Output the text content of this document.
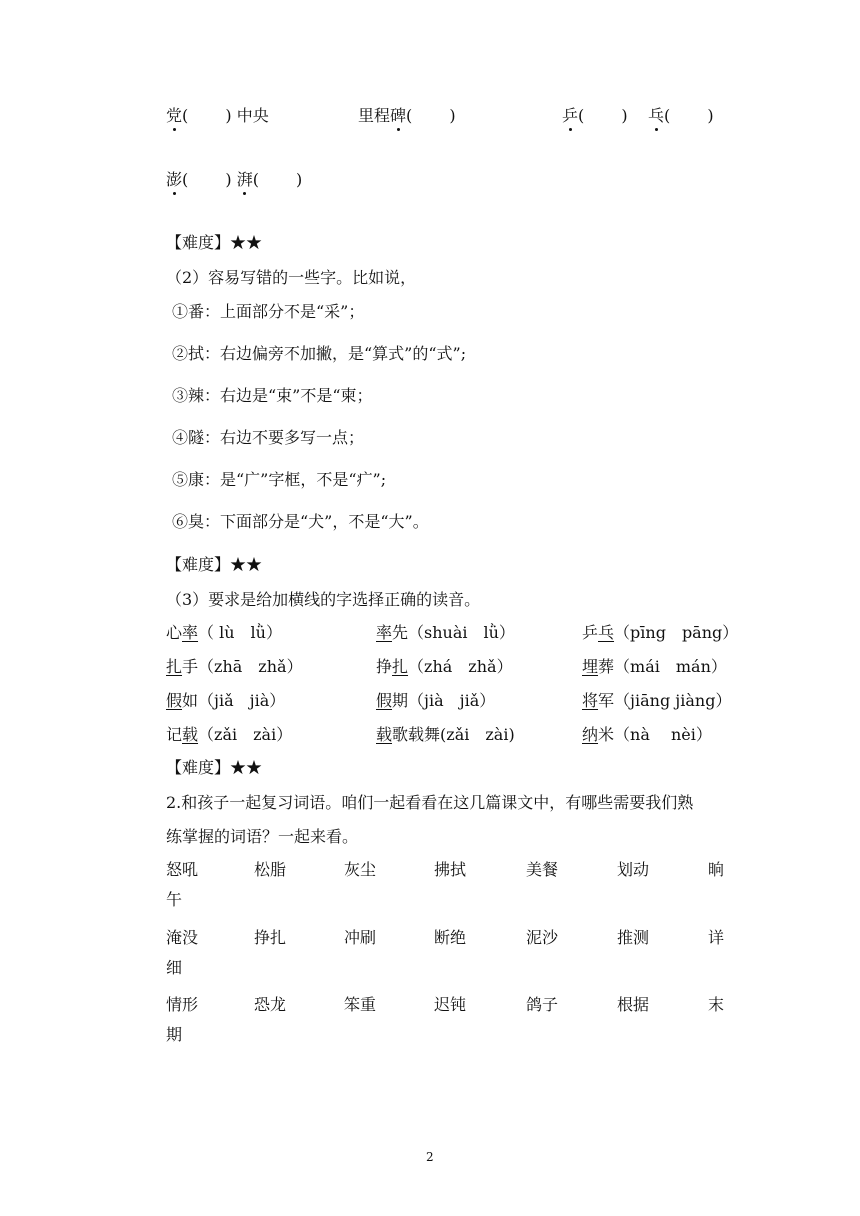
党(　　 ) 中央	里程碑(　　 )	乒(　　 ) 乓(　　 )
澎(　　 ) 湃(　　 )
【难度】★★
（2）容易写错的一些字。比如说，
①番：上面部分不是“采”；
②拭：右边偏旁不加撇，是“算式”的“式”;
③辣：右边是“束”不是“柬；
④隧：右边不要多写一点；
⑤康：是“广”字框，不是“疒”;
⑥臭：下面部分是“犬”，不是“大”。
【难度】★★
（3）要求是给加横线的字选择正确的读音。
心率（ lù　lǜ）	率先（shuài　lǜ）	乒乓（pīng　pāng）
扎手（zhā　zhǎ）	挣扎（zhá　zhǎ）	埋葬（mái　mán）
假如（jiǎ　jià）	假期（jià　jiǎ）	将军（jiāng jiàng）
记载（zǎi　zài）	载歌载舞(zǎi　zài)	纳米（nà　 nèi）
【难度】★★
2.和孩子一起复习词语。咱们一起看看在这几篇课文中，有哪些需要我们熟
练掌握的词语？一起来看。
怒吼	松脂	灰尘	拂拭	美餐	划动	晌
午
淹没	挣扎	冲刷	断绝	泥沙	推测	详
细
情形	恐龙	笨重	迟钝	鸽子	根据	末
期
2
